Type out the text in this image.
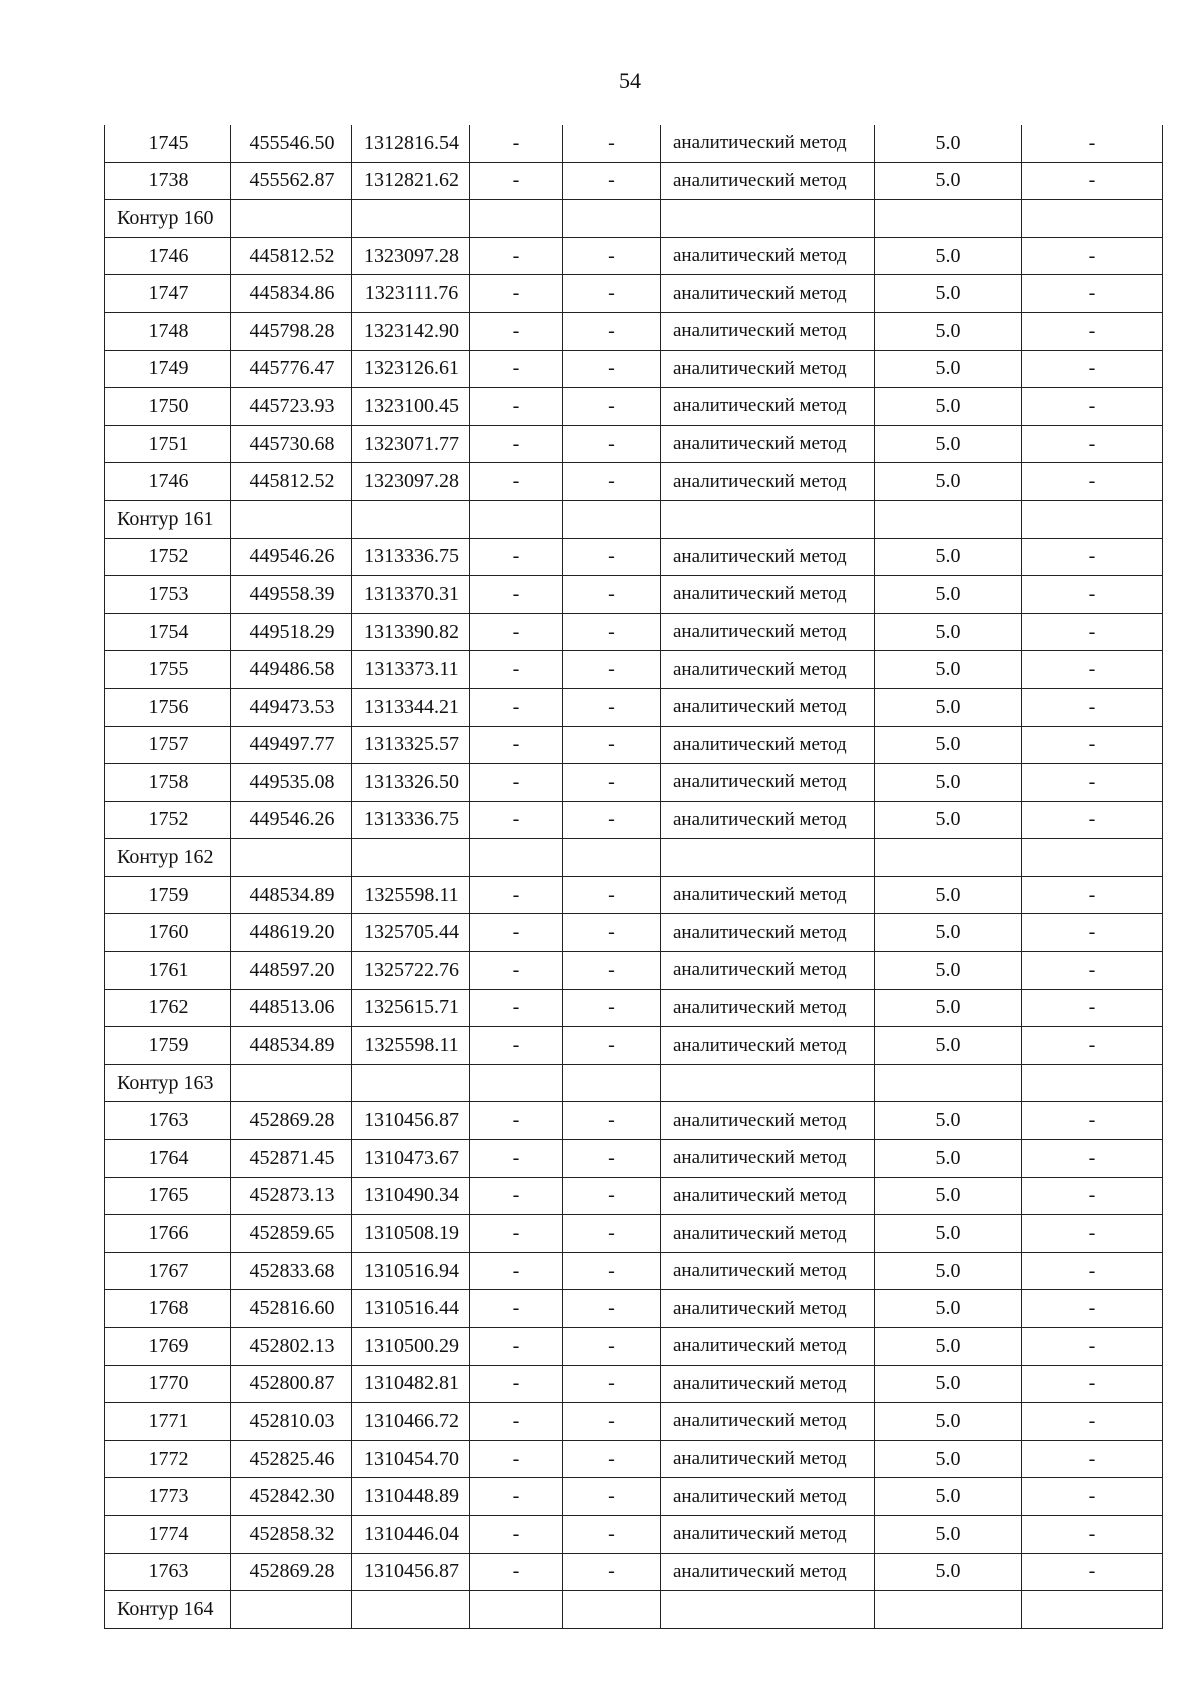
54
1745	455546.50	1312816.54	-	-	аналитический метод	5.0	-
1738	455562.87	1312821.62	-	-	аналитический метод	5.0	-
Контур 160							
1746	445812.52	1323097.28	-	-	аналитический метод	5.0	-
1747	445834.86	1323111.76	-	-	аналитический метод	5.0	-
1748	445798.28	1323142.90	-	-	аналитический метод	5.0	-
1749	445776.47	1323126.61	-	-	аналитический метод	5.0	-
1750	445723.93	1323100.45	-	-	аналитический метод	5.0	-
1751	445730.68	1323071.77	-	-	аналитический метод	5.0	-
1746	445812.52	1323097.28	-	-	аналитический метод	5.0	-
Контур 161							
1752	449546.26	1313336.75	-	-	аналитический метод	5.0	-
1753	449558.39	1313370.31	-	-	аналитический метод	5.0	-
1754	449518.29	1313390.82	-	-	аналитический метод	5.0	-
1755	449486.58	1313373.11	-	-	аналитический метод	5.0	-
1756	449473.53	1313344.21	-	-	аналитический метод	5.0	-
1757	449497.77	1313325.57	-	-	аналитический метод	5.0	-
1758	449535.08	1313326.50	-	-	аналитический метод	5.0	-
1752	449546.26	1313336.75	-	-	аналитический метод	5.0	-
Контур 162							
1759	448534.89	1325598.11	-	-	аналитический метод	5.0	-
1760	448619.20	1325705.44	-	-	аналитический метод	5.0	-
1761	448597.20	1325722.76	-	-	аналитический метод	5.0	-
1762	448513.06	1325615.71	-	-	аналитический метод	5.0	-
1759	448534.89	1325598.11	-	-	аналитический метод	5.0	-
Контур 163							
1763	452869.28	1310456.87	-	-	аналитический метод	5.0	-
1764	452871.45	1310473.67	-	-	аналитический метод	5.0	-
1765	452873.13	1310490.34	-	-	аналитический метод	5.0	-
1766	452859.65	1310508.19	-	-	аналитический метод	5.0	-
1767	452833.68	1310516.94	-	-	аналитический метод	5.0	-
1768	452816.60	1310516.44	-	-	аналитический метод	5.0	-
1769	452802.13	1310500.29	-	-	аналитический метод	5.0	-
1770	452800.87	1310482.81	-	-	аналитический метод	5.0	-
1771	452810.03	1310466.72	-	-	аналитический метод	5.0	-
1772	452825.46	1310454.70	-	-	аналитический метод	5.0	-
1773	452842.30	1310448.89	-	-	аналитический метод	5.0	-
1774	452858.32	1310446.04	-	-	аналитический метод	5.0	-
1763	452869.28	1310456.87	-	-	аналитический метод	5.0	-
Контур 164							
